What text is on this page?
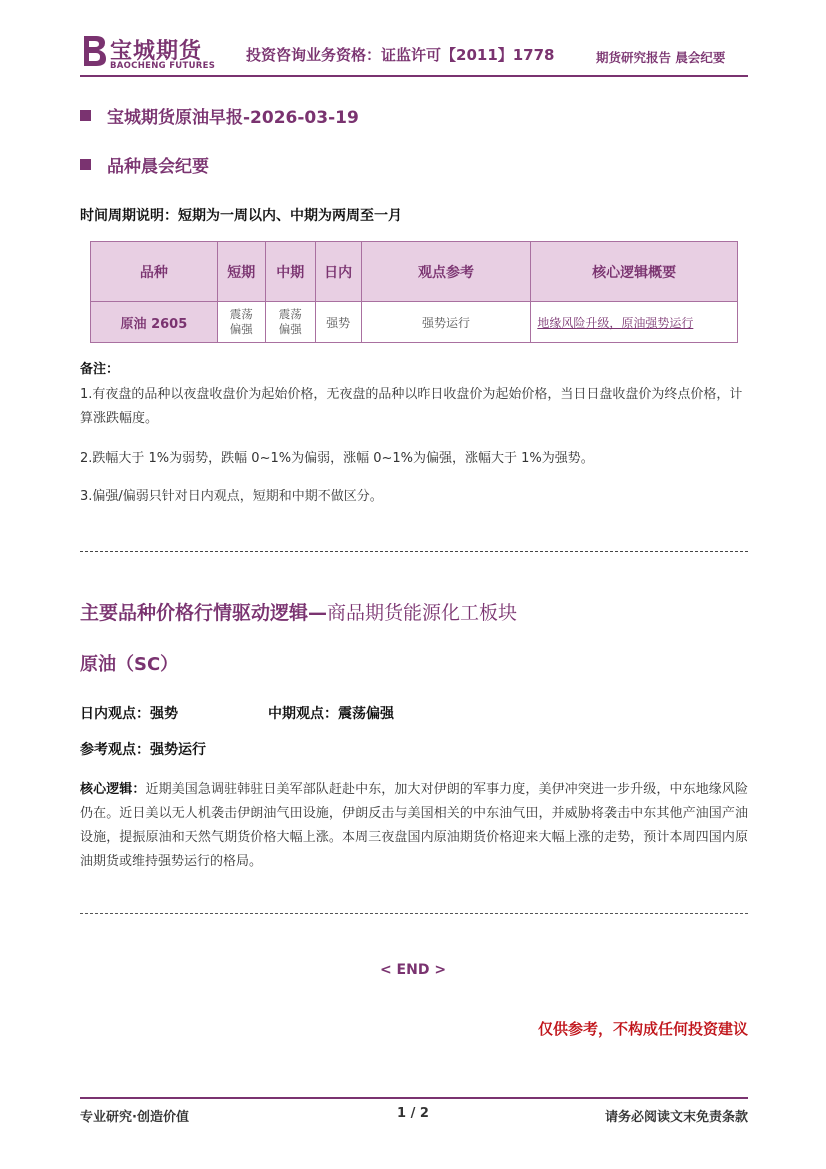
宝城期货
BAOCHENG FUTURES
投资咨询业务资格：证监许可【2011】1778	期货研究报告 晨会纪要
宝城期货原油早报-2026-03-19
品种晨会纪要
时间周期说明：短期为一周以内、中期为两周至一月
品种	短期	中期	日内	观点参考	核心逻辑概要
原油 2605	震荡偏强	震荡偏强	强势	强势运行	地缘风险升级，原油强势运行
备注：
1.有夜盘的品种以夜盘收盘价为起始价格，无夜盘的品种以昨日收盘价为起始价格，当日日盘收盘价为终点价格，计算涨跌幅度。
2.跌幅大于 1%为弱势，跌幅 0~1%为偏弱，涨幅 0~1%为偏强，涨幅大于 1%为强势。
3.偏强/偏弱只针对日内观点，短期和中期不做区分。
主要品种价格行情驱动逻辑—商品期货能源化工板块
原油（SC）
日内观点：强势	中期观点：震荡偏强
参考观点：强势运行
核心逻辑：近期美国急调驻韩驻日美军部队赶赴中东，加大对伊朗的军事力度，美伊冲突进一步升级，中东地缘风险仍在。近日美以无人机袭击伊朗油气田设施，伊朗反击与美国相关的中东油气田，并威胁将袭击中东其他产油国产油设施，提振原油和天然气期货价格大幅上涨。本周三夜盘国内原油期货价格迎来大幅上涨的走势，预计本周四国内原油期货或维持强势运行的格局。
< END >
仅供参考，不构成任何投资建议
专业研究·创造价值	1 / 2	请务必阅读文末免责条款
